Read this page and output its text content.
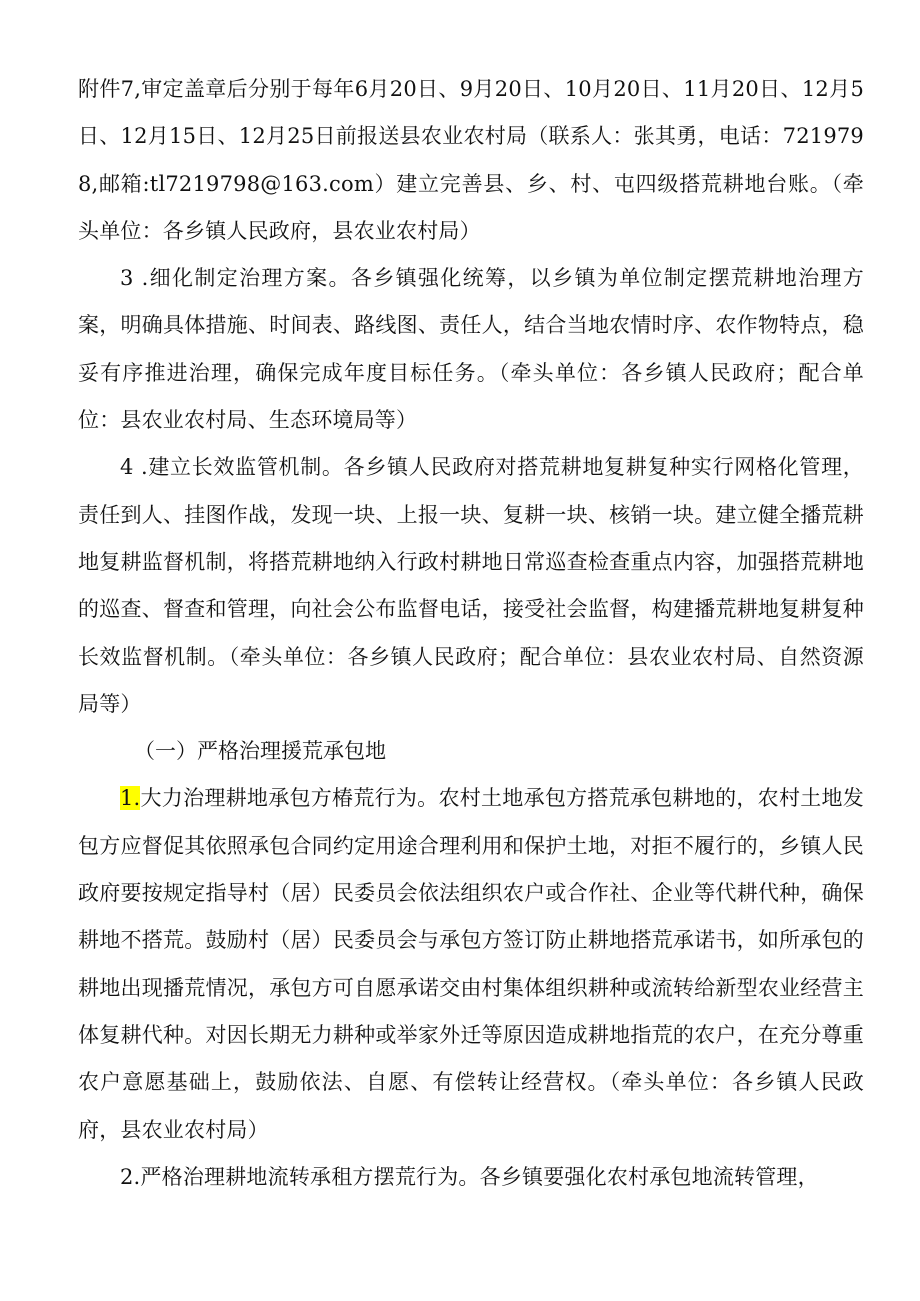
附件7,审定盖章后分别于每年6月20日、9月20日、10月20日、11月20日、12月5日、12月15日、12月25日前报送县农业农村局（联系人：张其勇，电话：7219798,邮箱:tl7219798@163.com）建立完善县、乡、村、屯四级搭荒耕地台账。（牵头单位：各乡镇人民政府，县农业农村局）

3 .细化制定治理方案。各乡镇强化统筹，以乡镇为单位制定摆荒耕地治理方案，明确具体措施、时间表、路线图、责任人，结合当地农情时序、农作物特点，稳妥有序推进治理，确保完成年度目标任务。（牵头单位：各乡镇人民政府；配合单位：县农业农村局、生态环境局等）

4 .建立长效监管机制。各乡镇人民政府对搭荒耕地复耕复种实行网格化管理，责任到人、挂图作战，发现一块、上报一块、复耕一块、核销一块。建立健全播荒耕地复耕监督机制，将搭荒耕地纳入行政村耕地日常巡查检查重点内容，加强搭荒耕地的巡查、督查和管理，向社会公布监督电话，接受社会监督，构建播荒耕地复耕复种长效监督机制。（牵头单位：各乡镇人民政府；配合单位：县农业农村局、自然资源局等）

（一）严格治理援荒承包地

1.大力治理耕地承包方椿荒行为。农村土地承包方搭荒承包耕地的，农村土地发包方应督促其依照承包合同约定用途合理利用和保护土地，对拒不履行的，乡镇人民政府要按规定指导村（居）民委员会依法组织农户或合作社、企业等代耕代种，确保耕地不搭荒。鼓励村（居）民委员会与承包方签订防止耕地搭荒承诺书，如所承包的耕地出现播荒情况，承包方可自愿承诺交由村集体组织耕种或流转给新型农业经营主体复耕代种。对因长期无力耕种或举家外迁等原因造成耕地指荒的农户，在充分尊重农户意愿基础上，鼓励依法、自愿、有偿转让经营权。（牵头单位：各乡镇人民政府，县农业农村局）

2.严格治理耕地流转承租方摆荒行为。各乡镇要强化农村承包地流转管理，
